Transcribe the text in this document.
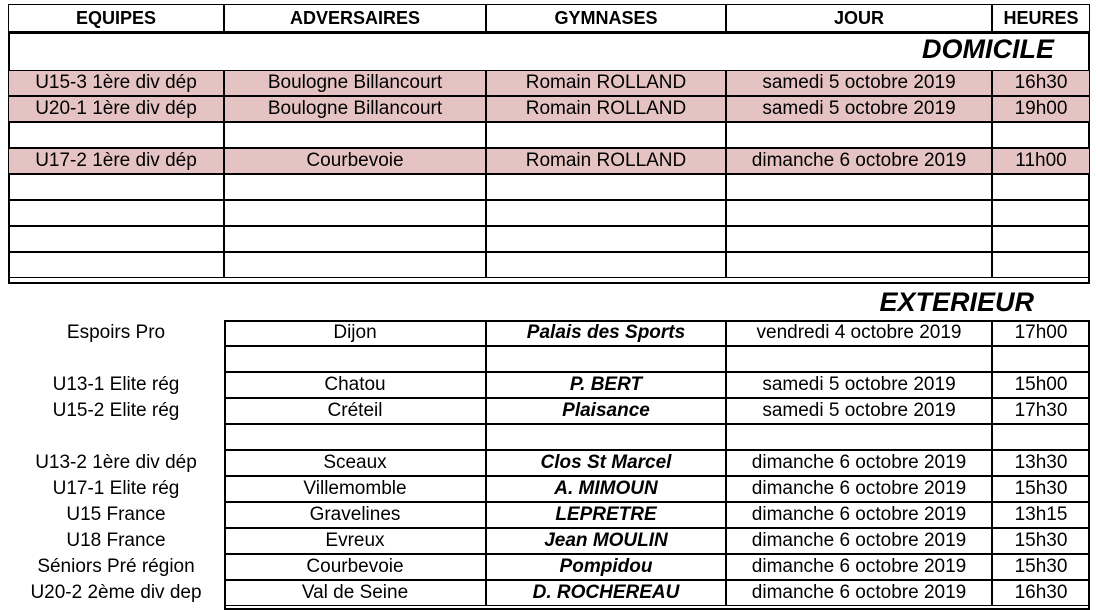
EQUIPES	ADVERSAIRES	GYMNASES	JOUR	HEURES
DOMICILE
U15-3 1ère div dép	Boulogne Billancourt	Romain ROLLAND	samedi 5 octobre 2019	16h30
U20-1 1ère div dép	Boulogne Billancourt	Romain ROLLAND	samedi 5 octobre 2019	19h00
U17-2 1ère div dép	Courbevoie	Romain ROLLAND	dimanche 6 octobre 2019	11h00
EXTERIEUR
Espoirs Pro	Dijon	Palais des Sports	vendredi 4 octobre 2019	17h00
U13-1 Elite rég	Chatou	P. BERT	samedi 5 octobre 2019	15h00
U15-2 Elite rég	Créteil	Plaisance	samedi 5 octobre 2019	17h30
U13-2 1ère div dép	Sceaux	Clos St Marcel	dimanche 6 octobre 2019	13h30
U17-1 Elite rég	Villemomble	A. MIMOUN	dimanche 6 octobre 2019	15h30
U15 France	Gravelines	LEPRETRE	dimanche 6 octobre 2019	13h15
U18 France	Evreux	Jean MOULIN	dimanche 6 octobre 2019	15h30
Séniors Pré région	Courbevoie	Pompidou	dimanche 6 octobre 2019	15h30
U20-2 2ème div dep	Val de Seine	D. ROCHEREAU	dimanche 6 octobre 2019	16h30
